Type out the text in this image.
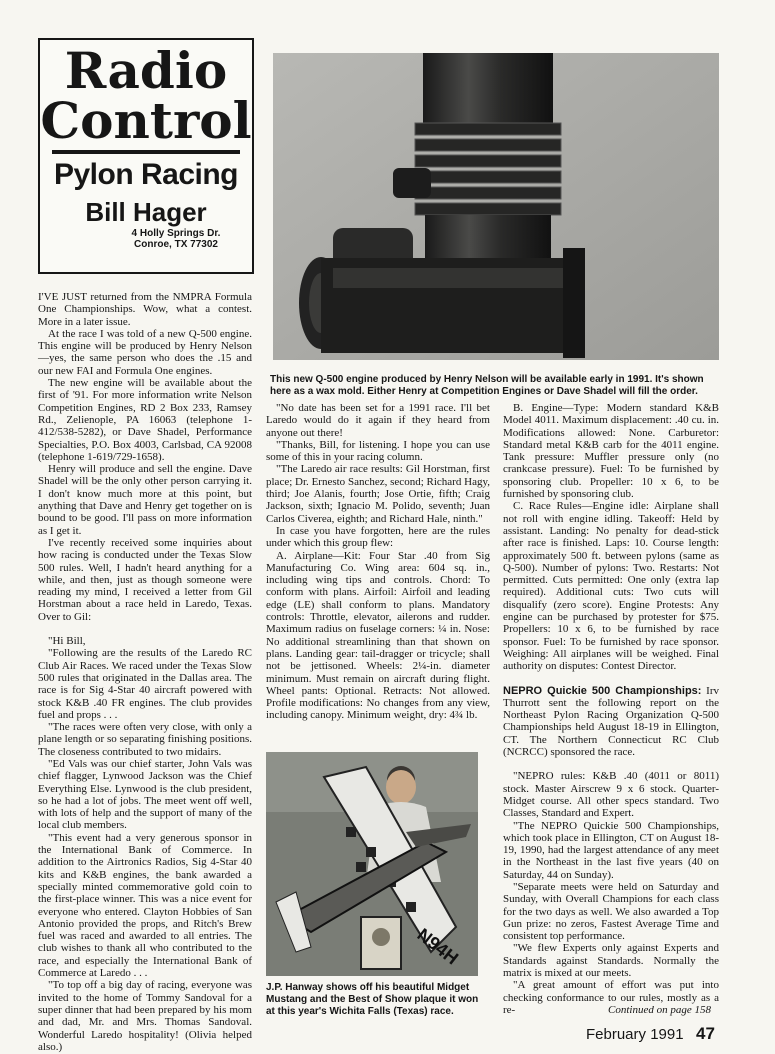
Radio
Control
Pylon Racing
Bill Hager
4 Holly Springs Dr.
Conroe, TX 77302
This new Q-500 engine produced by Henry Nelson will be available early in 1991. It's shown here as a wax mold. Either Henry at Competition Engines or Dave Shadel will fill the order.

I'VE JUST returned from the NMPRA Formula One Championships. Wow, what a contest. More in a later issue.

At the race I was told of a new Q-500 engine. This engine will be produced by Henry Nelson—yes, the same person who does the .15 and our new FAI and Formula One engines.

The new engine will be available about the first of '91. For more information write Nelson Competition Engines, RD 2 Box 233, Ramsey Rd., Zelienople, PA 16063 (telephone 1-412/538-5282), or Dave Shadel, Performance Specialties, P.O. Box 4003, Carlsbad, CA 92008 (telephone 1-619/729-1658).

Henry will produce and sell the engine. Dave Shadel will be the only other person carrying it. I don't know much more at this point, but anything that Dave and Henry get together on is bound to be good. I'll pass on more information as I get it.

I've recently received some inquiries about how racing is conducted under the Texas Slow 500 rules. Well, I hadn't heard anything for a while, and then, just as though someone were reading my mind, I received a letter from Gil Horstman about a race held in Laredo, Texas. Over to Gil:

"Hi Bill,

"Following are the results of the Laredo RC Club Air Races. We raced under the Texas Slow 500 rules that originated in the Dallas area. The race is for Sig 4-Star 40 aircraft powered with stock K&B .40 FR engines. The club provides fuel and props . . .

"The races were often very close, with only a plane length or so separating finishing positions. The closeness contributed to two midairs.

"Ed Vals was our chief starter, John Vals was chief flagger, Lynwood Jackson was the Chief Everything Else. Lynwood is the club president, so he had a lot of jobs. The meet went off well, with lots of help and the support of many of the local club members.

"This event had a very generous sponsor in the International Bank of Commerce. In addition to the Airtronics Radios, Sig 4-Star 40 kits and K&B engines, the bank awarded a specially minted commemorative gold coin to the first-place winner. This was a nice event for everyone who entered. Clayton Hobbies of San Antonio provided the props, and Ritch's Brew fuel was raced and awarded to all entries. The club wishes to thank all who contributed to the race, and especially the International Bank of Commerce at Laredo . . .

"To top off a big day of racing, everyone was invited to the home of Tommy Sandoval for a super dinner that had been prepared by his mom and dad, Mr. and Mrs. Thomas Sandoval. Wonderful Laredo hospitality! (Olivia helped also.)

"No date has been set for a 1991 race. I'll bet Laredo would do it again if they heard from anyone out there!

"Thanks, Bill, for listening. I hope you can use some of this in your racing column.

"The Laredo air race results: Gil Horstman, first place; Dr. Ernesto Sanchez, second; Richard Hagy, third; Joe Alanis, fourth; Jose Ortie, fifth; Craig Jackson, sixth; Ignacio M. Polido, seventh; Juan Carlos Civerea, eighth; and Richard Hale, ninth."

In case you have forgotten, here are the rules under which this group flew:

A. Airplane—Kit: Four Star .40 from Sig Manufacturing Co. Wing area: 604 sq. in., including wing tips and controls. Chord: To conform with plans. Airfoil: Airfoil and leading edge (LE) shall conform to plans. Mandatory controls: Throttle, elevator, ailerons and rudder. Maximum radius on fuselage corners: ¼ in. Nose: No additional streamlining than that shown on plans. Landing gear: tail-dragger or tricycle; shall not be jettisoned. Wheels: 2¼-in. diameter minimum. Must remain on aircraft during flight. Wheel pants: Optional. Retracts: Not allowed. Profile modifications: No changes from any view, including canopy. Minimum weight, dry: 4¾ lb.

N94H
J.P. Hanway shows off his beautiful Midget Mustang and the Best of Show plaque it won at this year's Wichita Falls (Texas) race.

B. Engine—Type: Modern standard K&B Model 4011. Maximum displacement: .40 cu. in. Modifications allowed: None. Carburetor: Standard metal K&B carb for the 4011 engine. Tank pressure: Muffler pressure only (no crankcase pressure). Fuel: To be furnished by sponsoring club. Propeller: 10 x 6, to be furnished by sponsoring club.

C. Race Rules—Engine idle: Airplane shall not roll with engine idling. Takeoff: Held by assistant. Landing: No penalty for dead-stick after race is finished. Laps: 10. Course length: approximately 500 ft. between pylons (same as Q-500). Number of pylons: Two. Restarts: Not permitted. Cuts permitted: One only (extra lap required). Additional cuts: Two cuts will disqualify (zero score). Engine Protests: Any engine can be purchased by protester for $75. Propellers: 10 x 6, to be furnished by race sponsor. Fuel: To be furnished by race sponsor. Weighing: All airplanes will be weighed. Final authority on disputes: Contest Director.

NEPRO Quickie 500 Championships: Irv Thurrott sent the following report on the Northeast Pylon Racing Organization Q-500 Championships held August 18-19 in Ellington, CT. The Northern Connecticut RC Club (NCRCC) sponsored the race.

"NEPRO rules: K&B .40 (4011 or 8011) stock. Master Airscrew 9 x 6 stock. Quarter-Midget course. All other specs standard. Two Classes, Standard and Expert.

"The NEPRO Quickie 500 Championships, which took place in Ellington, CT on August 18-19, 1990, had the largest attendance of any meet in the Northeast in the last five years (40 on Saturday, 44 on Sunday).

"Separate meets were held on Saturday and Sunday, with Overall Champions for each class for the two days as well. We also awarded a Top Gun prize: no zeros, Fastest Average Time and consistent top performance.

"We flew Experts only against Experts and Standards against Standards. Normally the matrix is mixed at our meets.

"A great amount of effort was put into checking conformance to our rules, mostly as a re-	Continued on page 158
February 1991 47
